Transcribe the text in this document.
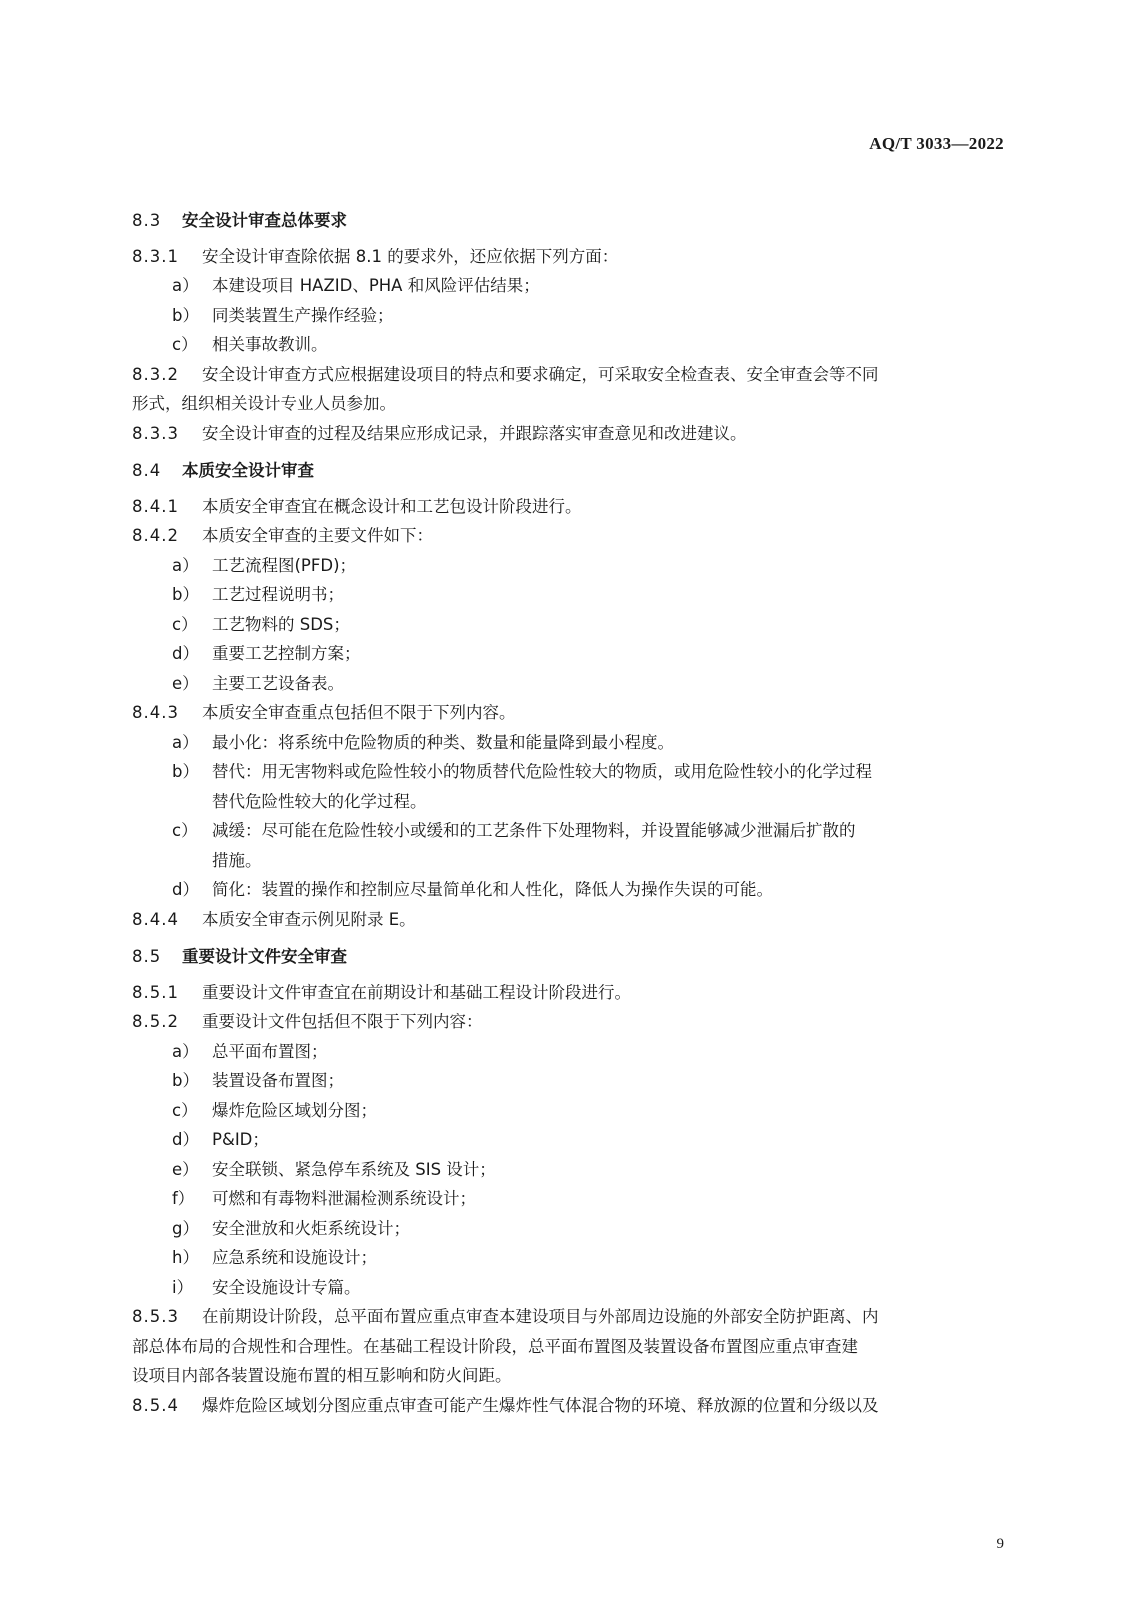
AQ/T 3033—2022
8.3 安全设计审查总体要求
8.3.1 安全设计审查除依据 8.1 的要求外，还应依据下列方面：
a） 本建设项目 HAZID、PHA 和风险评估结果；
b） 同类装置生产操作经验；
c） 相关事故教训。
8.3.2 安全设计审查方式应根据建设项目的特点和要求确定，可采取安全检查表、安全审查会等不同
形式，组织相关设计专业人员参加。
8.3.3 安全设计审查的过程及结果应形成记录，并跟踪落实审查意见和改进建议。
8.4 本质安全设计审查
8.4.1 本质安全审查宜在概念设计和工艺包设计阶段进行。
8.4.2 本质安全审查的主要文件如下：
a） 工艺流程图(PFD)；
b） 工艺过程说明书；
c） 工艺物料的 SDS；
d） 重要工艺控制方案；
e） 主要工艺设备表。
8.4.3 本质安全审查重点包括但不限于下列内容。
a） 最小化：将系统中危险物质的种类、数量和能量降到最小程度。
b） 替代：用无害物料或危险性较小的物质替代危险性较大的物质，或用危险性较小的化学过程
替代危险性较大的化学过程。
c） 减缓：尽可能在危险性较小或缓和的工艺条件下处理物料，并设置能够减少泄漏后扩散的
措施。
d） 简化：装置的操作和控制应尽量简单化和人性化，降低人为操作失误的可能。
8.4.4 本质安全审查示例见附录 E。
8.5 重要设计文件安全审查
8.5.1 重要设计文件审查宜在前期设计和基础工程设计阶段进行。
8.5.2 重要设计文件包括但不限于下列内容：
a） 总平面布置图；
b） 装置设备布置图；
c） 爆炸危险区域划分图；
d） P&ID；
e） 安全联锁、紧急停车系统及 SIS 设计；
f） 可燃和有毒物料泄漏检测系统设计；
g） 安全泄放和火炬系统设计；
h） 应急系统和设施设计；
i） 安全设施设计专篇。
8.5.3 在前期设计阶段，总平面布置应重点审查本建设项目与外部周边设施的外部安全防护距离、内
部总体布局的合规性和合理性。在基础工程设计阶段，总平面布置图及装置设备布置图应重点审查建
设项目内部各装置设施布置的相互影响和防火间距。
8.5.4 爆炸危险区域划分图应重点审查可能产生爆炸性气体混合物的环境、释放源的位置和分级以及
9
